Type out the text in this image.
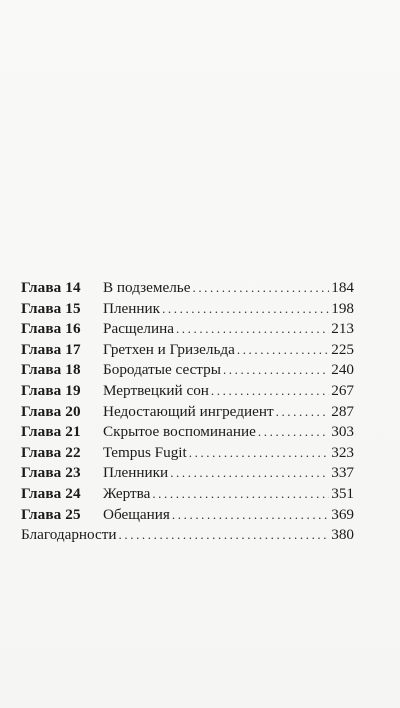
Глава 14	В подземелье .....	184
Глава 15	Пленник .....	198
Глава 16	Расщелина .....	213
Глава 17	Гретхен и Гризельда .....	225
Глава 18	Бородатые сестры .....	240
Глава 19	Мертвецкий сон .....	267
Глава 20	Недостающий ингредиент .....	287
Глава 21	Скрытое воспоминание .....	303
Глава 22	Tempus Fugit .....	323
Глава 23	Пленники .....	337
Глава 24	Жертва .....	351
Глава 25	Обещания .....	369
Благодарности .....	380
